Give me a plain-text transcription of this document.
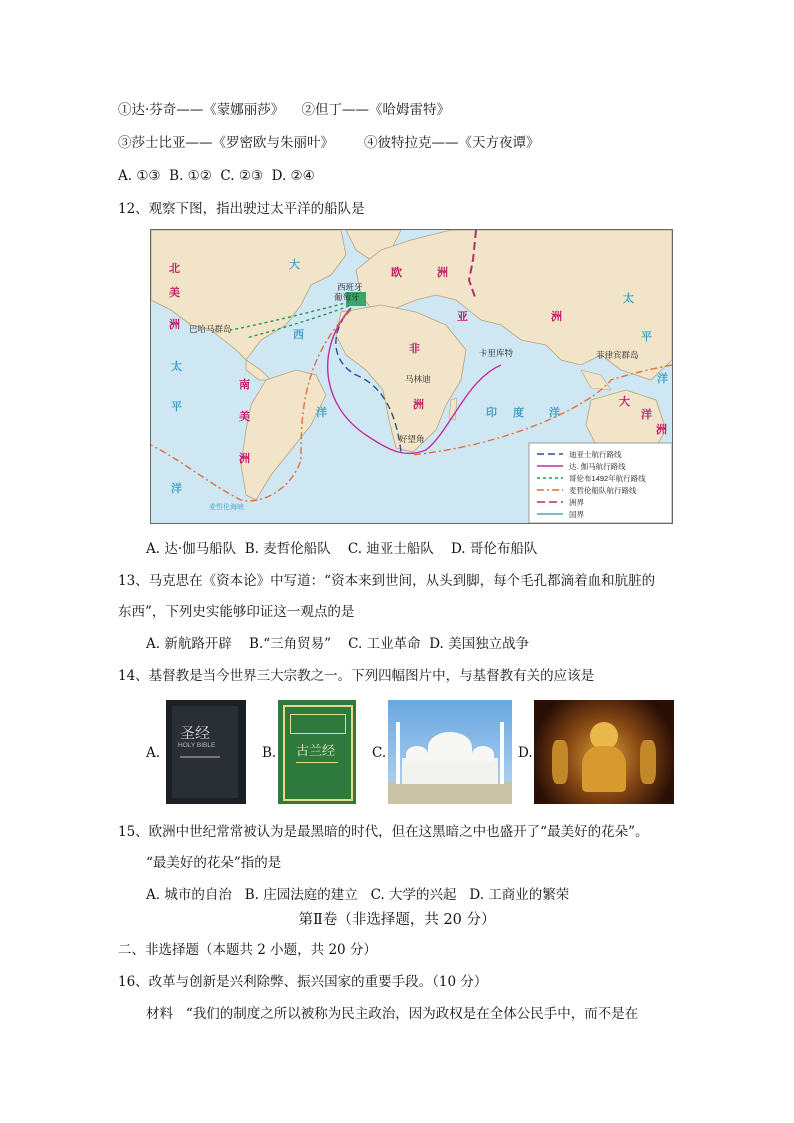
①达·芬奇——《蒙娜丽莎》    ②但丁——《哈姆雷特》
③莎士比亚——《罗密欧与朱丽叶》       ④彼特拉克——《天方夜谭》
A. ①③  B. ①②  C. ②③  D. ②④
12、观察下图，指出驶过太平洋的船队是
北
美
洲
南
美
洲
非
洲
欧	洲
亚	洲
大
洋
洲
大
西
洋	印 度 洋
太
平
洋
太
平
洋
西班牙
葡萄牙
巴哈马群岛
卡里库特
马林迪
好望角
菲律宾群岛
麦哲伦海峡
迪亚士航行路线
达. 伽马航行路线
哥伦布1492年航行路线
麦哲伦船队航行路线
洲界
国界
A. 达·伽马船队  B. 麦哲伦船队    C. 迪亚士船队    D. 哥伦布船队
13、马克思在《资本论》中写道：“资本来到世间，从头到脚，每个毛孔都滴着血和肮脏的
东西”，下列史实能够印证这一观点的是
A. 新航路开辟    B.“三角贸易”    C. 工业革命  D. 美国独立战争
14、基督教是当今世界三大宗教之一。下列四幅图片中，与基督教有关的应该是
A.
圣经
HOLY BIBLE	B. 古兰经	C.	D.
15、欧洲中世纪常常被认为是最黑暗的时代，但在这黑暗之中也盛开了“最美好的花朵”。
“最美好的花朵”指的是
A. 城市的自治   B. 庄园法庭的建立   C. 大学的兴起   D. 工商业的繁荣
第Ⅱ卷（非选择题，共 20 分）
二、非选择题（本题共 2 小题，共 20 分）
16、改革与创新是兴利除弊、振兴国家的重要手段。（10 分）
材料   “我们的制度之所以被称为民主政治，因为政权是在全体公民手中，而不是在
